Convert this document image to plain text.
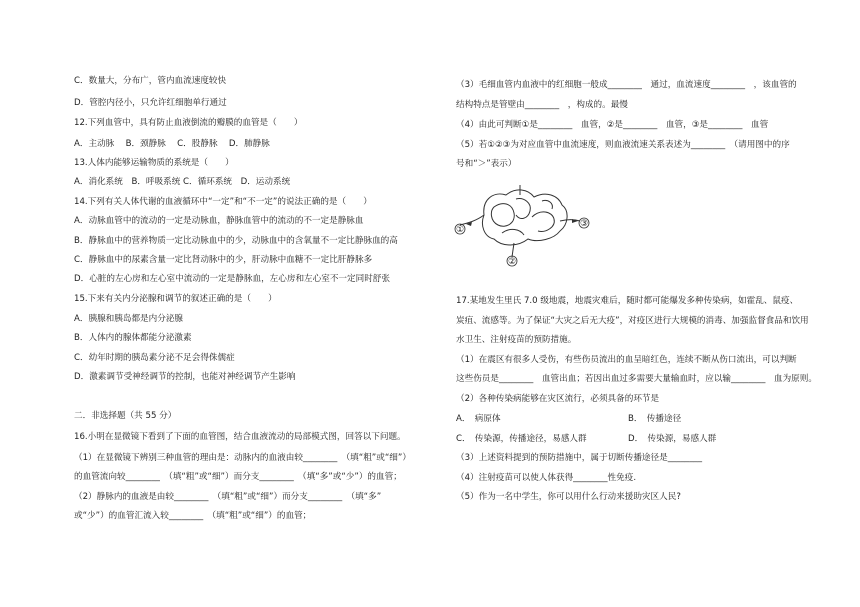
C．数量大，分布广，管内血流速度较快
D．管腔内径小，只允许红细胞单行通过
12.下列血管中，具有防止血液倒流的瓣膜的血管是（　　）
A．主动脉　 B．颈静脉　 C．股静脉　 D．肺静脉
13.人体内能够运输物质的系统是（　　）
A．消化系统　B．呼吸系统 C．循环系统　D．运动系统
14.下列有关人体代谢的血液循环中“一定”和“不一定”的说法正确的是（　　）
A．动脉血管中的流动的一定是动脉血，静脉血管中的流动的不一定是静脉血
B．静脉血中的营养物质一定比动脉血中的少，动脉血中的含氧量不一定比静脉血的高
C．静脉血中的尿素含量一定比肾动脉中的少，肝动脉中血糖不一定比肝静脉多
D．心脏的左心房和左心室中流动的一定是静脉血，左心房和左心室不一定同时舒张
15.下来有关内分泌腺和调节的叙述正确的是（　　）
A．胰腺和胰岛都是内分泌腺
B．人体内的腺体都能分泌激素
C．幼年时期的胰岛素分泌不足会得侏儒症
D．激素调节受神经调节的控制，也能对神经调节产生影响
二．非选择题（共 55 分）
16.小明在显微镜下看到了下面的血管图，结合血液流动的局部模式图，回答以下问题。
（1）在显微镜下辨别三种血管的理由是：动脉内的血液由较________　（填“粗”或“细”）
的血管流向较________　（填“粗”或“细”）而分支________　（填“多”或“少”）的血管；
（2）静脉内的血液是由较________　（填“粗”或“细”）而分支________　（填“多”
或“少”）的血管汇流入较________　（填“粗”或“细”）的血管；
（3）毛细血管内血液中的红细胞一般成________　通过，血流速度________　，该血管的
结构特点是管壁由________　，构成的。最慢
（4）由此可判断①是________　血管，②是________　血管，③是________　血管
（5）若①②③为对应血管中血流速度，则血液流速关系表述为________　（请用图中的序
号和“＞”表示）
①
②
③
17.某地发生里氏 7.0 级地震，地震灾难后，随时都可能爆发多种传染病，如霍乱、鼠疫、
炭疽、流感等。为了保证“大灾之后无大疫”，对疫区进行大规模的消毒、加强监督食品和饮用
水卫生、注射疫苗的预防措施。
（1）在震区有很多人受伤，有些伤员流出的血呈暗红色，连续不断从伤口流出，可以判断
这些伤员是________　血管出血；若因出血过多需要大量输血时，应以输________　血为原则。
（2）各种传染病能够在灾区流行，必须具备的环节是
A．　病原体	B．　传播途径
C．　传染源，传播途径，易感人群	D．　传染源，易感人群
（3）上述资料提到的预防措施中，属于切断传播途径是________
（4）注射疫苗可以使人体获得________性免疫.
（5）作为一名中学生，你可以用什么行动来援助灾区人民?
